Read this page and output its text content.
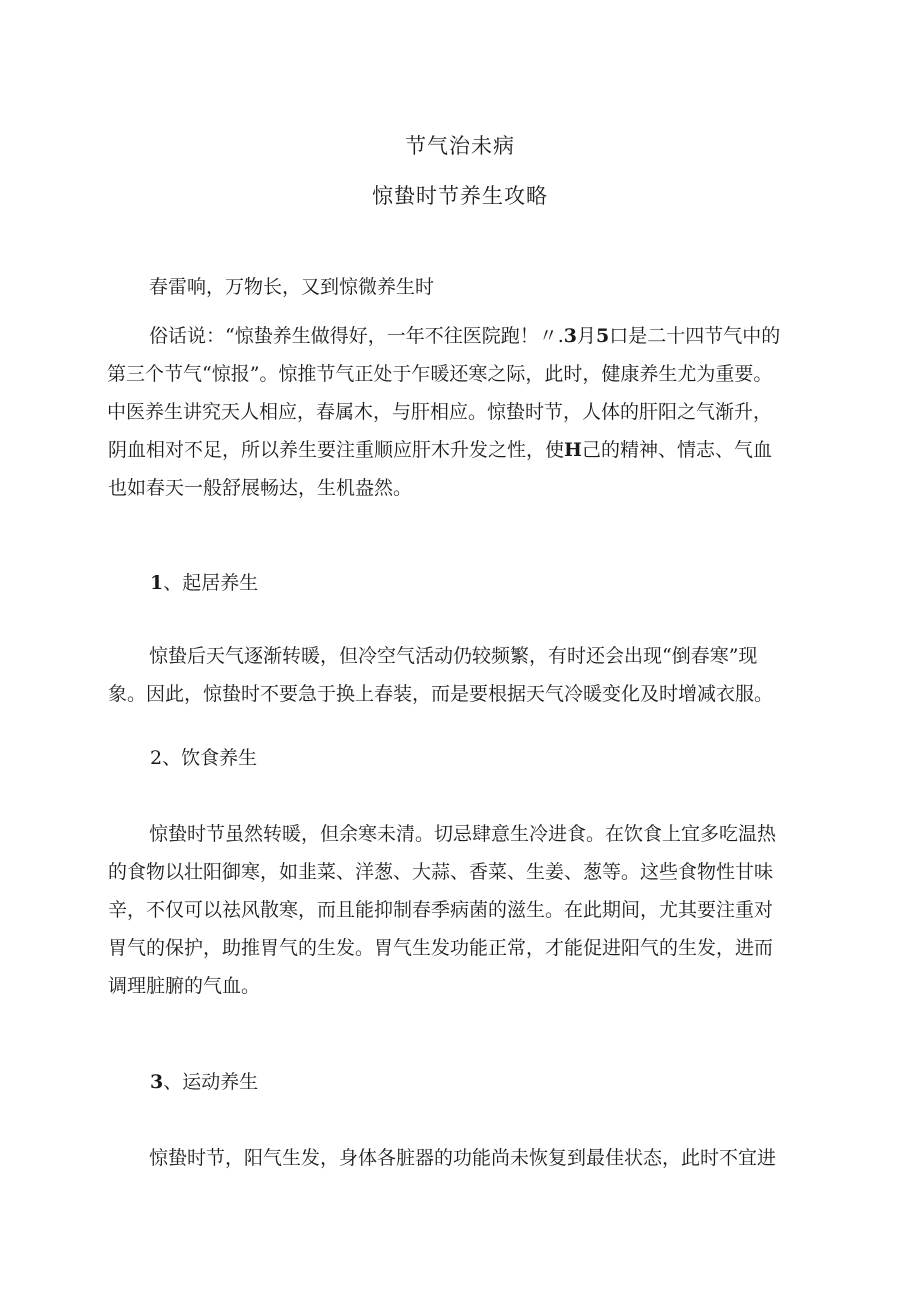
节气治未病
惊蛰时节养生攻略
春雷响，万物长，又到惊微养生时
俗话说：“惊蛰养生做得好，一年不往医院跑！〃.3月5口是二十四节气中的
第三个节气“惊报”。惊推节气正处于乍暖还寒之际，此时，健康养生尤为重要。
中医养生讲究天人相应，春属木，与肝相应。惊蛰时节，人体的肝阳之气渐升，
阴血相对不足，所以养生要注重顺应肝木升发之性，使H己的精神、情志、气血
也如春天一般舒展畅达，生机盎然。
1、起居养生
惊蛰后天气逐渐转暖，但冷空气活动仍较频繁，有时还会出现“倒春寒”现
象。因此，惊蛰时不要急于换上春装，而是要根据天气冷暖变化及时增减衣服。
2、饮食养生
惊蛰时节虽然转暖，但余寒未清。切忌肆意生冷进食。在饮食上宜多吃温热
的食物以壮阳御寒，如韭菜、洋葱、大蒜、香菜、生姜、葱等。这些食物性甘味
辛，不仅可以祛风散寒，而且能抑制春季病菌的滋生。在此期间，尤其要注重对
胃气的保护，助推胃气的生发。胃气生发功能正常，才能促进阳气的生发，进而
调理脏腑的气血。
3、运动养生
惊蛰时节，阳气生发，身体各脏器的功能尚未恢复到最佳状态，此时不宜进
